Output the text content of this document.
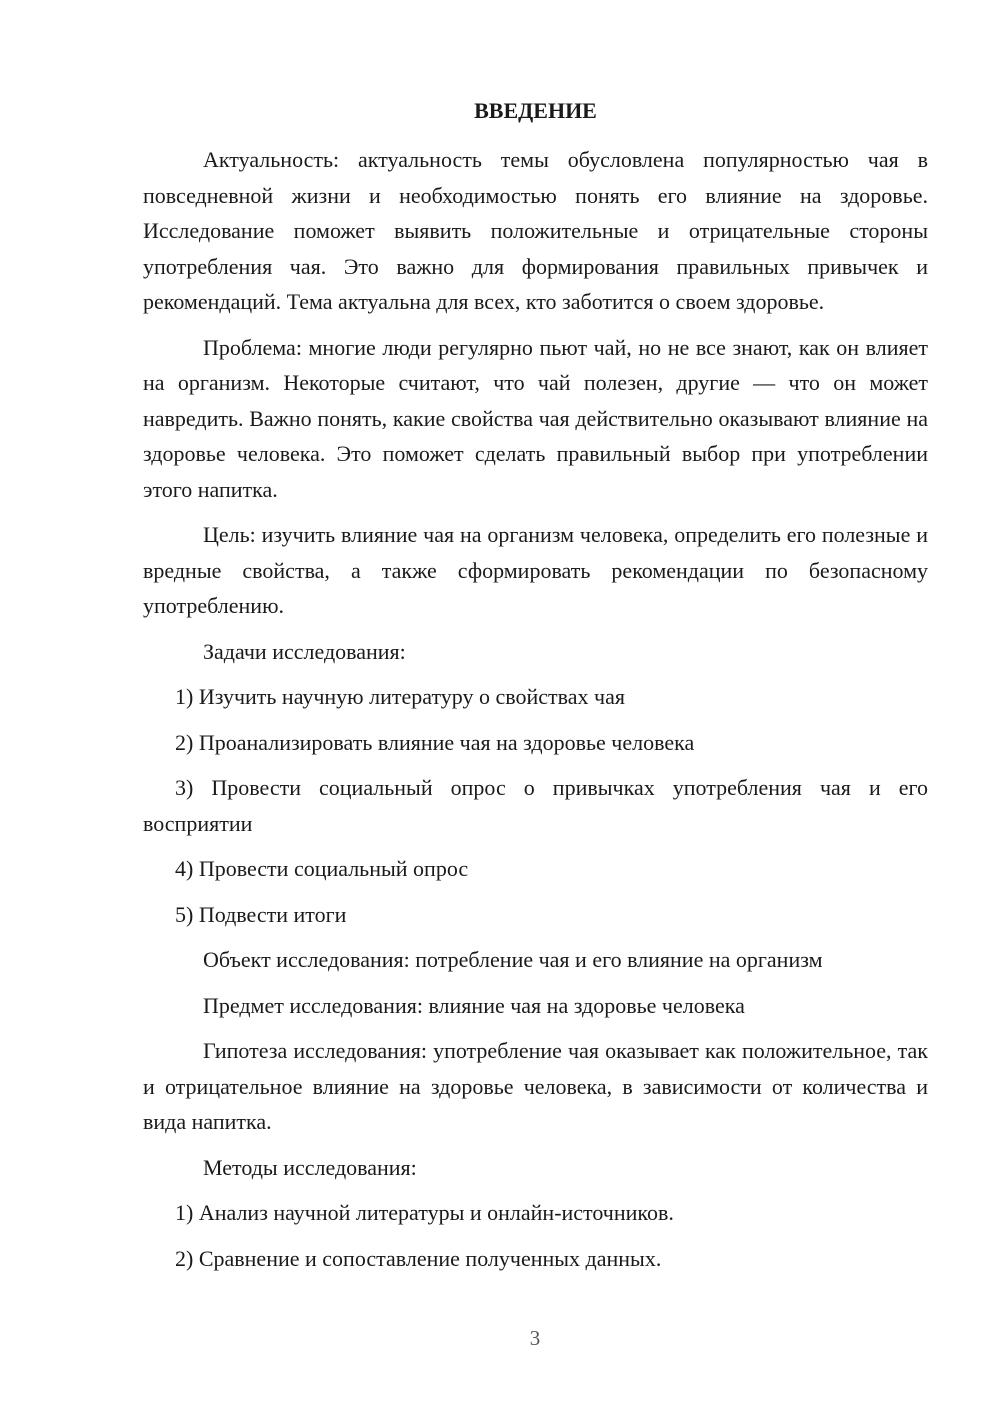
ВВЕДЕНИЕ

Актуальность: актуальность темы обусловлена популярностью чая в повседневной жизни и необходимостью понять его влияние на здоровье. Исследование поможет выявить положительные и отрицательные стороны употребления чая. Это важно для формирования правильных привычек и рекомендаций. Тема актуальна для всех, кто заботится о своем здоровье.

Проблема: многие люди регулярно пьют чай, но не все знают, как он влияет на организм. Некоторые считают, что чай полезен, другие — что он может навредить. Важно понять, какие свойства чая действительно оказывают влияние на здоровье человека. Это поможет сделать правильный выбор при употреблении этого напитка.

Цель: изучить влияние чая на организм человека, определить его полезные и вредные свойства, а также сформировать рекомендации по безопасному употреблению.

Задачи исследования:

1) Изучить научную литературу о свойствах чая

2) Проанализировать влияние чая на здоровье человека

3) Провести социальный опрос о привычках употребления чая и его восприятии

4) Провести социальный опрос

5) Подвести итоги

Объект исследования: потребление чая и его влияние на организм

Предмет исследования: влияние чая на здоровье человека

Гипотеза исследования: употребление чая оказывает как положительное, так и отрицательное влияние на здоровье человека, в зависимости от количества и вида напитка.

Методы исследования:

1) Анализ научной литературы и онлайн-источников.

2) Сравнение и сопоставление полученных данных.

3
